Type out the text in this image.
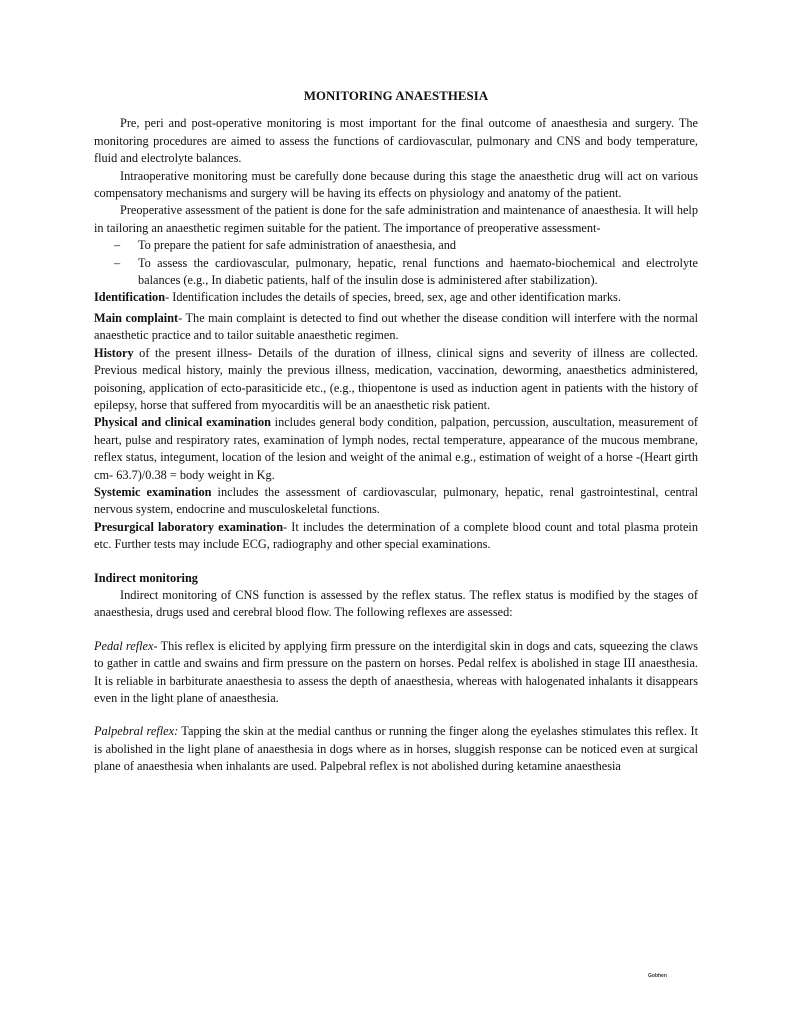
MONITORING ANAESTHESIA

Pre, peri and post-operative monitoring is most important for the final outcome of anaesthesia and surgery. The monitoring procedures are aimed to assess the functions of cardiovascular, pulmonary and CNS and body temperature, fluid and electrolyte balances.

Intraoperative monitoring must be carefully done because during this stage the anaesthetic drug will act on various compensatory mechanisms and surgery will be having its effects on physiology and anatomy of the patient.

Preoperative assessment of the patient is done for the safe administration and maintenance of anaesthesia. It will help in tailoring an anaesthetic regimen suitable for the patient. The importance of preoperative assessment-

– To prepare the patient for safe administration of anaesthesia, and
– To assess the cardiovascular, pulmonary, hepatic, renal functions and haemato-biochemical and electrolyte balances (e.g., In diabetic patients, half of the insulin dose is administered after stabilization).

Identification- Identification includes the details of species, breed, sex, age and other identification marks.

Main complaint- The main complaint is detected to find out whether the disease condition will interfere with the normal anaesthetic practice and to tailor suitable anaesthetic regimen.

History of the present illness- Details of the duration of illness, clinical signs and severity of illness are collected. Previous medical history, mainly the previous illness, medication, vaccination, deworming, anaesthetics administered, poisoning, application of ecto-parasiticide etc., (e.g., thiopentone is used as induction agent in patients with the history of epilepsy, horse that suffered from myocarditis will be an anaesthetic risk patient.

Physical and clinical examination includes general body condition, palpation, percussion, auscultation, measurement of heart, pulse and respiratory rates, examination of lymph nodes, rectal temperature, appearance of the mucous membrane, reflex status, integument, location of the lesion and weight of the animal e.g., estimation of weight of a horse -(Heart girth cm- 63.7)/0.38 = body weight in Kg.

Systemic examination includes the assessment of cardiovascular, pulmonary, hepatic, renal gastrointestinal, central nervous system, endocrine and musculoskeletal functions.

Presurgical laboratory examination- It includes the determination of a complete blood count and total plasma protein etc. Further tests may include ECG, radiography and other special examinations.

Indirect monitoring

Indirect monitoring of CNS function is assessed by the reflex status. The reflex status is modified by the stages of anaesthesia, drugs used and cerebral blood flow. The following reflexes are assessed:

Pedal reflex- This reflex is elicited by applying firm pressure on the interdigital skin in dogs and cats, squeezing the claws to gather in cattle and swains and firm pressure on the pastern on horses. Pedal relfex is abolished in stage III anaesthesia. It is reliable in barbiturate anaesthesia to assess the depth of anaesthesia, whereas with halogenated inhalants it disappears even in the light plane of anaesthesia.

Palpebral reflex: Tapping the skin at the medial canthus or running the finger along the eyelashes stimulates this reflex. It is abolished in the light plane of anaesthesia in dogs where as in horses, sluggish response can be noticed even at surgical plane of anaesthesia when inhalants are used. Palpebral reflex is not abolished during ketamine anaesthesia

Gobhen
